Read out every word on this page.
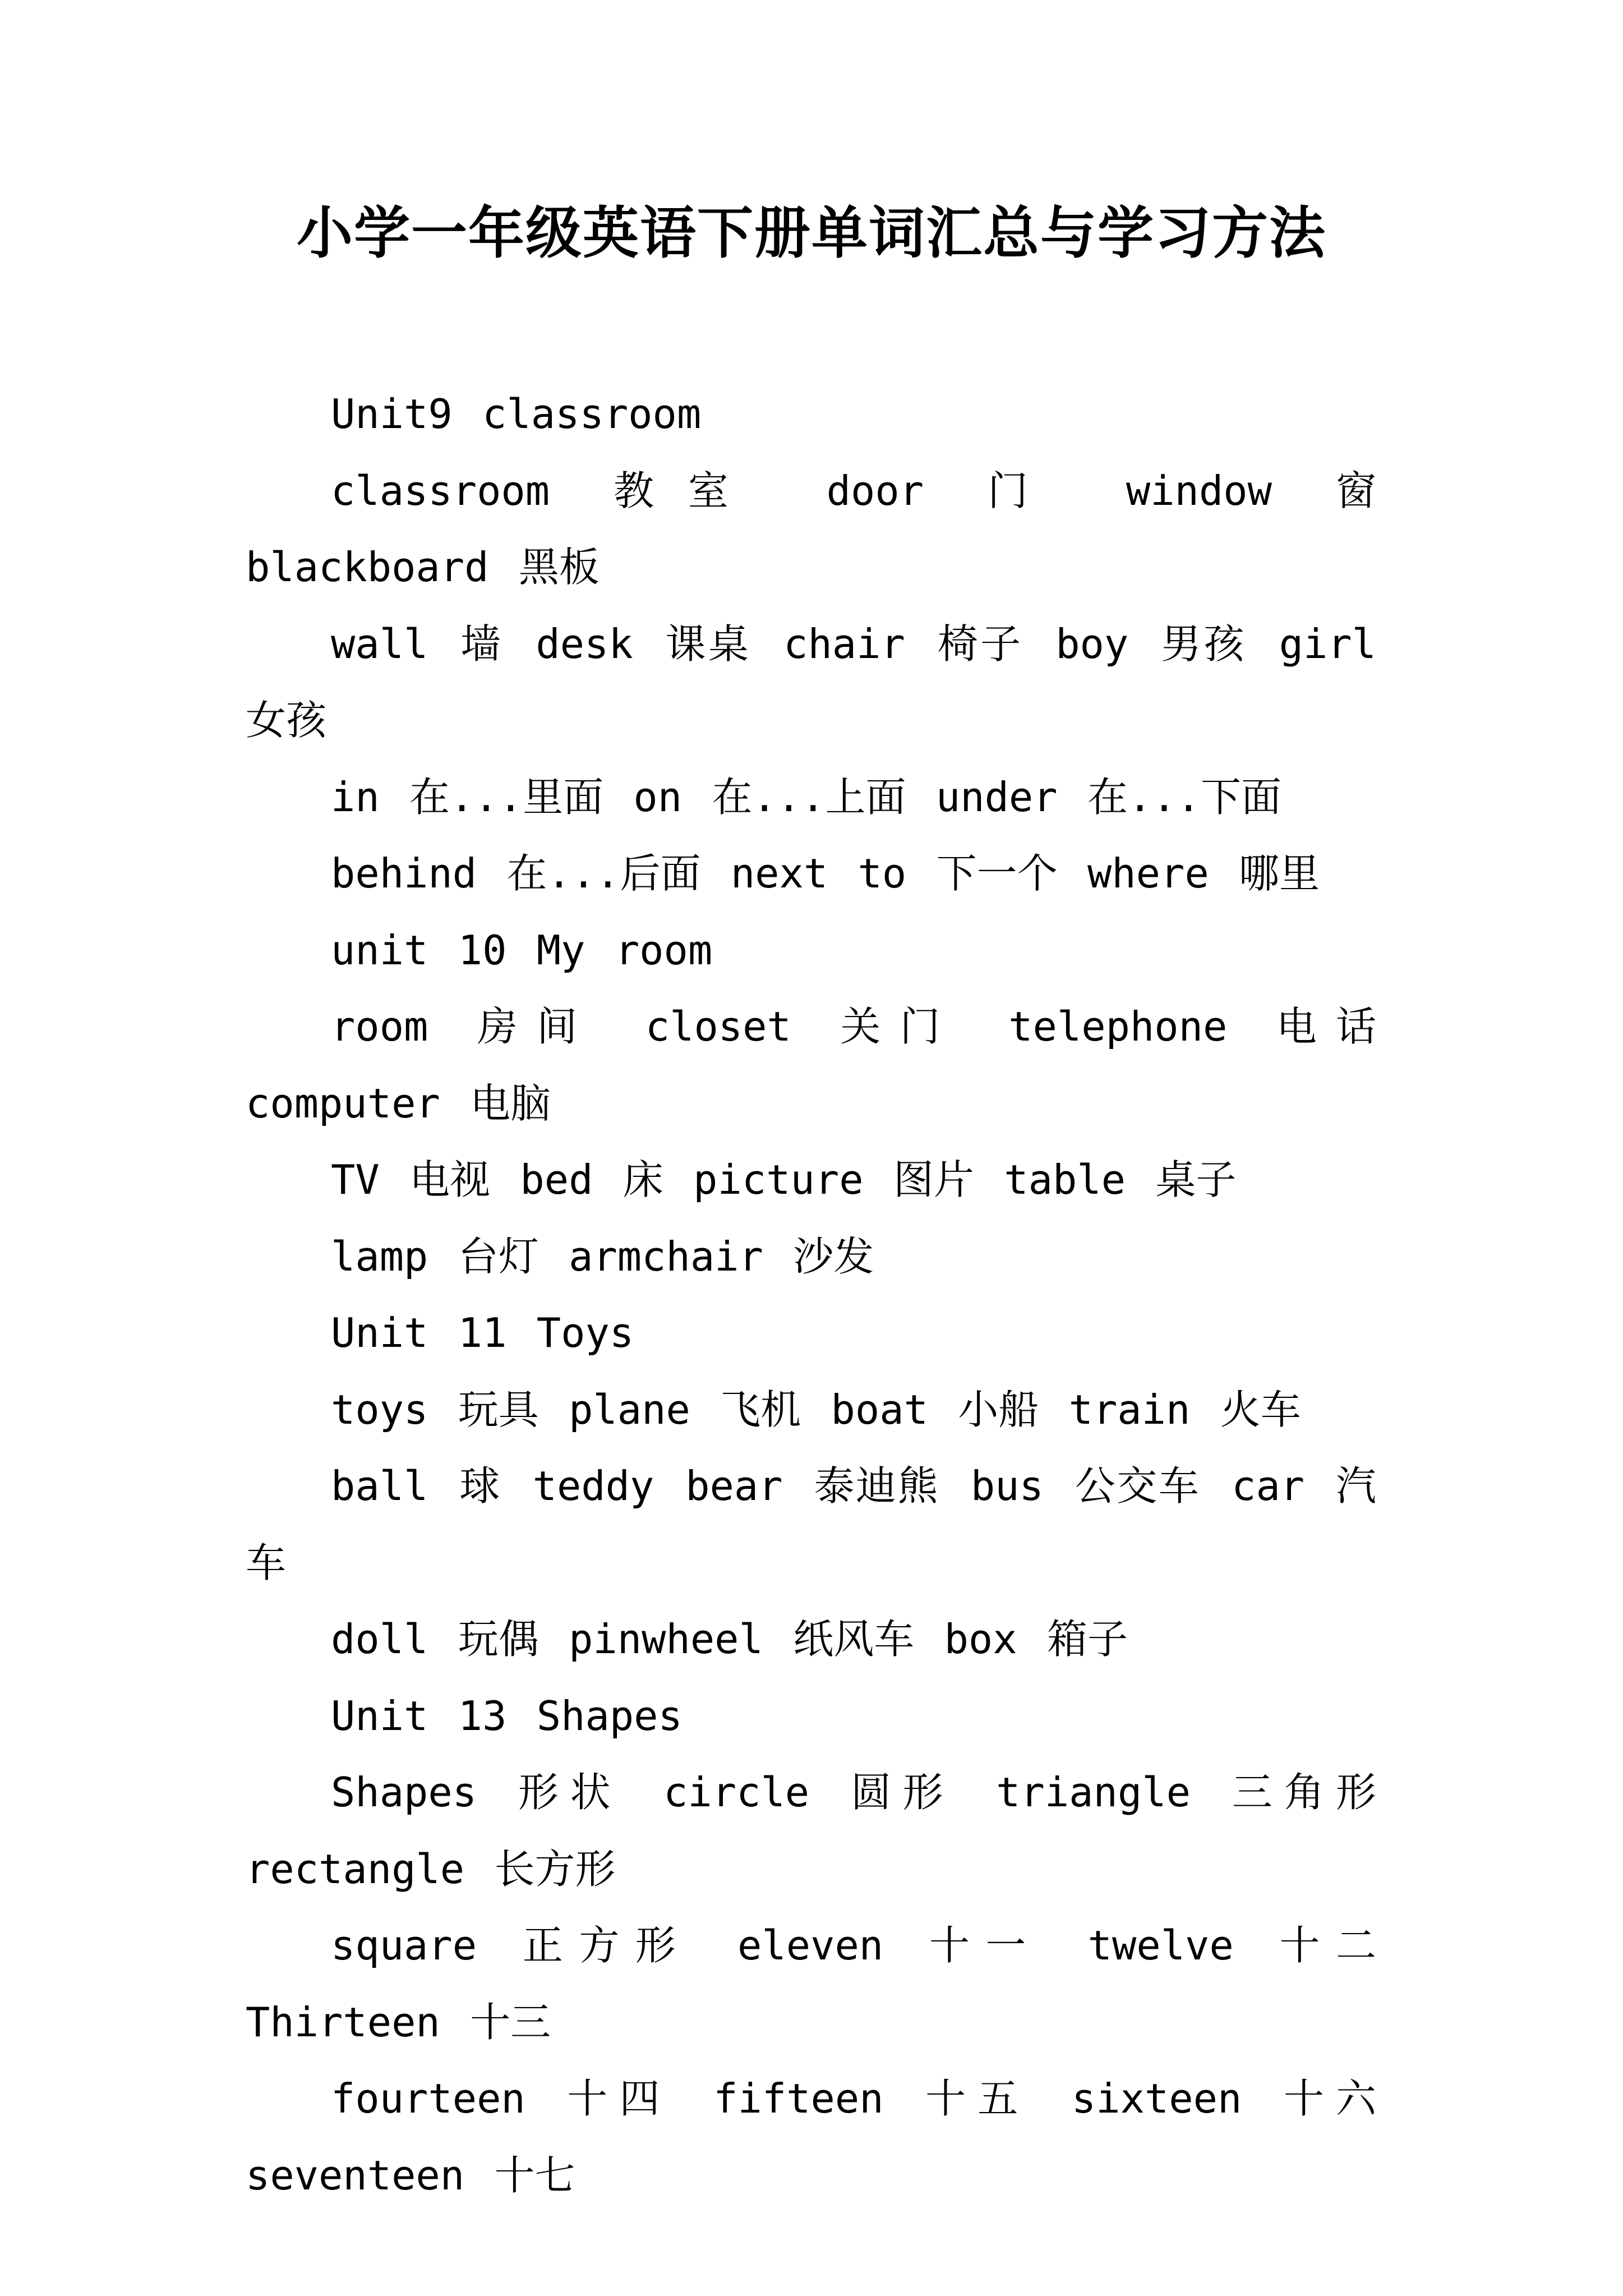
小学一年级英语下册单词汇总与学习方法

Unit9 classroom

classroom 教室 door 门 window 窗 blackboard 黑板

wall 墙 desk 课桌 chair 椅子 boy 男孩 girl 女孩

in 在...里面 on 在...上面 under 在...下面

behind 在...后面 next to 下一个 where 哪里

unit 10 My room

room 房间 closet 关门 telephone 电话 computer 电脑

TV 电视 bed 床 picture 图片 table 桌子

lamp 台灯 armchair 沙发

Unit 11 Toys

toys 玩具 plane 飞机 boat 小船 train 火车

ball 球 teddy bear 泰迪熊 bus 公交车 car 汽车

doll 玩偶 pinwheel 纸风车 box 箱子

Unit 13 Shapes

Shapes 形状 circle 圆形 triangle 三角形 rectangle 长方形

square 正方形 eleven 十一 twelve 十二 Thirteen 十三

fourteen 十四 fifteen 十五 sixteen 十六 seventeen 十七
